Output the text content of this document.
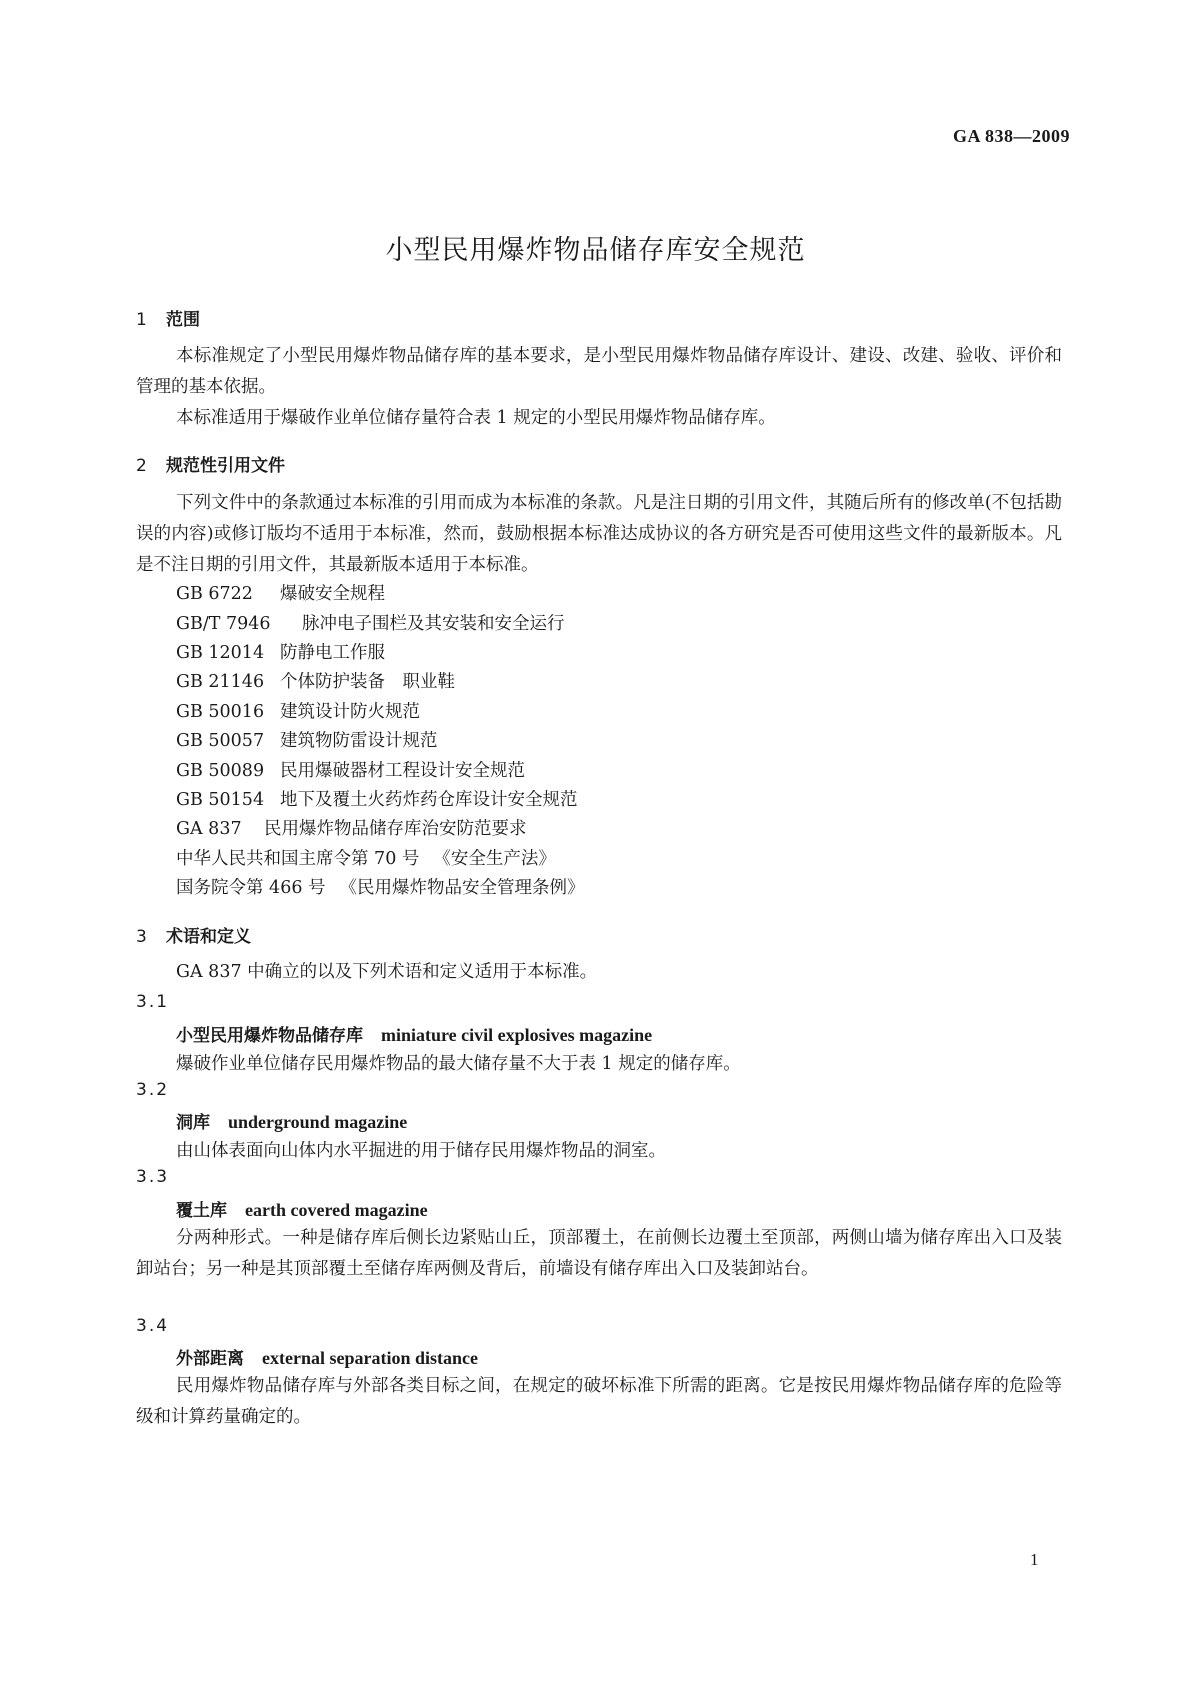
GA 838—2009
小型民用爆炸物品储存库安全规范
1 范围
本标准规定了小型民用爆炸物品储存库的基本要求，是小型民用爆炸物品储存库设计、建设、改建、验收、评价和管理的基本依据。
本标准适用于爆破作业单位储存量符合表 1 规定的小型民用爆炸物品储存库。
2 规范性引用文件
下列文件中的条款通过本标准的引用而成为本标准的条款。凡是注日期的引用文件，其随后所有的修改单(不包括勘误的内容)或修订版均不适用于本标准，然而，鼓励根据本标准达成协议的各方研究是否可使用这些文件的最新版本。凡是不注日期的引用文件，其最新版本适用于本标准。
GB 6722 爆破安全规程
GB/T 7946 脉冲电子围栏及其安装和安全运行
GB 12014 防静电工作服
GB 21146 个体防护装备　职业鞋
GB 50016 建筑设计防火规范
GB 50057 建筑物防雷设计规范
GB 50089 民用爆破器材工程设计安全规范
GB 50154 地下及覆土火药炸药仓库设计安全规范
GA 837 民用爆炸物品储存库治安防范要求
中华人民共和国主席令第 70 号 《安全生产法》
国务院令第 466 号 《民用爆炸物品安全管理条例》
3 术语和定义
GA 837 中确立的以及下列术语和定义适用于本标准。
3.1
小型民用爆炸物品储存库 miniature civil explosives magazine
爆破作业单位储存民用爆炸物品的最大储存量不大于表 1 规定的储存库。
3.2
洞库 underground magazine
由山体表面向山体内水平掘进的用于储存民用爆炸物品的洞室。
3.3
覆土库 earth covered magazine
分两种形式。一种是储存库后侧长边紧贴山丘，顶部覆土，在前侧长边覆土至顶部，两侧山墙为储存库出入口及装卸站台；另一种是其顶部覆土至储存库两侧及背后，前墙设有储存库出入口及装卸站台。
3.4
外部距离 external separation distance
民用爆炸物品储存库与外部各类目标之间，在规定的破坏标准下所需的距离。它是按民用爆炸物品储存库的危险等级和计算药量确定的。
1
